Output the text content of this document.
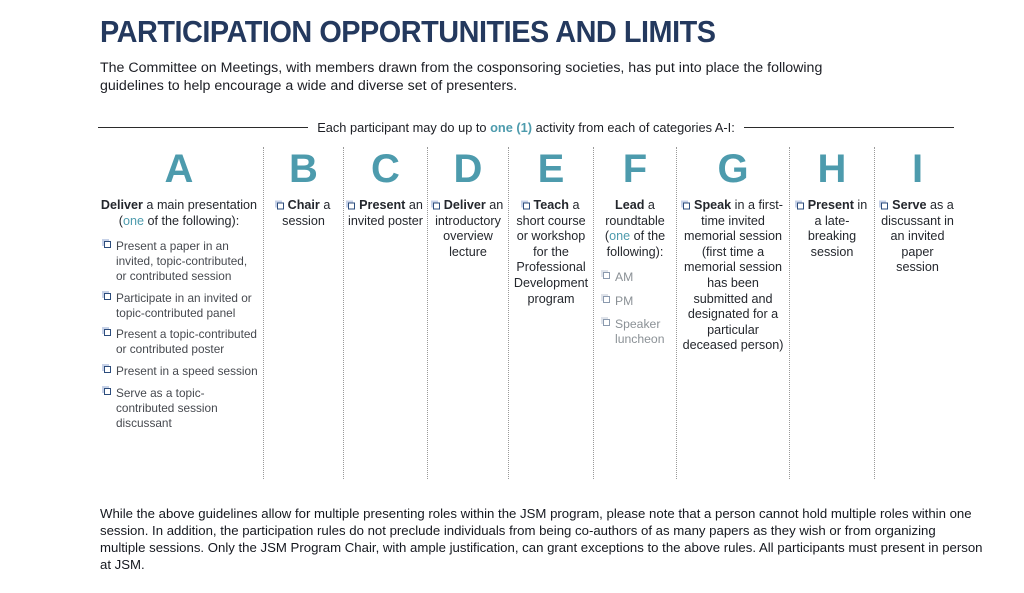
PARTICIPATION OPPORTUNITIES AND LIMITS

The Committee on Meetings, with members drawn from the cosponsoring societies, has put into place the following guidelines to help encourage a wide and diverse set of presenters.

Each participant may do up to one (1) activity from each of categories A-I:
A
Deliver a main presentation (one of the following):
Present a paper in an invited, topic-contributed, or contributed session
Participate in an invited or topic-contributed panel
Present a topic-contributed or contributed poster
Present in a speed session
Serve as a topic-contributed session discussant
B
Chair a session
C
Present an invited poster
D
Deliver an introductory overview lecture
E
Teach a short course or workshop for the Professional Development program
F
Lead a roundtable (one of the following):
AM
PM
Speaker luncheon
G
Speak in a first-time invited memorial session (first time a memorial session has been submitted and designated for a particular deceased person)
H
Present in a late-breaking session
I
Serve as a discussant in an invited paper session

While the above guidelines allow for multiple presenting roles within the JSM program, please note that a person cannot hold multiple roles within one session. In addition, the participation rules do not preclude individuals from being co-authors of as many papers as they wish or from organizing multiple sessions. Only the JSM Program Chair, with ample justification, can grant exceptions to the above rules. All participants must present in person at JSM.
